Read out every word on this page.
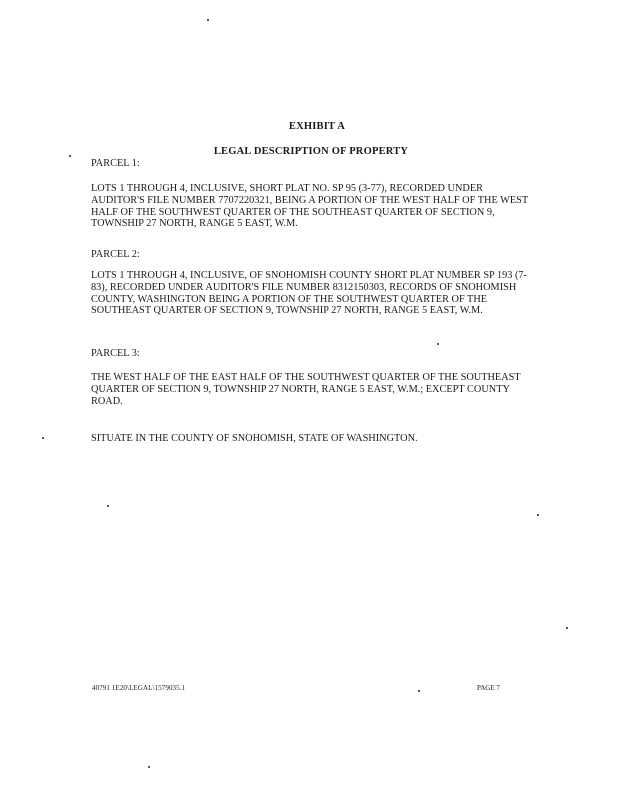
EXHIBIT A
LEGAL DESCRIPTION OF PROPERTY
PARCEL 1:
LOTS 1 THROUGH 4, INCLUSIVE, SHORT PLAT NO. SP 95 (3-77), RECORDED UNDER AUDITOR'S FILE NUMBER 7707220321, BEING A PORTION OF THE WEST HALF OF THE WEST HALF OF THE SOUTHWEST QUARTER OF THE SOUTHEAST QUARTER OF SECTION 9, TOWNSHIP 27 NORTH, RANGE 5 EAST, W.M.
PARCEL 2:
LOTS 1 THROUGH 4, INCLUSIVE, OF SNOHOMISH COUNTY SHORT PLAT NUMBER SP 193 (7-83), RECORDED UNDER AUDITOR'S FILE NUMBER 8312150303, RECORDS OF SNOHOMISH COUNTY, WASHINGTON BEING A PORTION OF THE SOUTHWEST QUARTER OF THE SOUTHEAST QUARTER OF SECTION 9, TOWNSHIP 27 NORTH, RANGE 5 EAST, W.M.
PARCEL 3:
THE WEST HALF OF THE EAST HALF OF THE SOUTHWEST QUARTER OF THE SOUTHEAST QUARTER OF SECTION 9, TOWNSHIP 27 NORTH, RANGE 5 EAST, W.M.; EXCEPT COUNTY ROAD.
SITUATE IN THE COUNTY OF SNOHOMISH, STATE OF WASHINGTON.
40791 1E20\LEGAL\1579035.1	PAGE 7
